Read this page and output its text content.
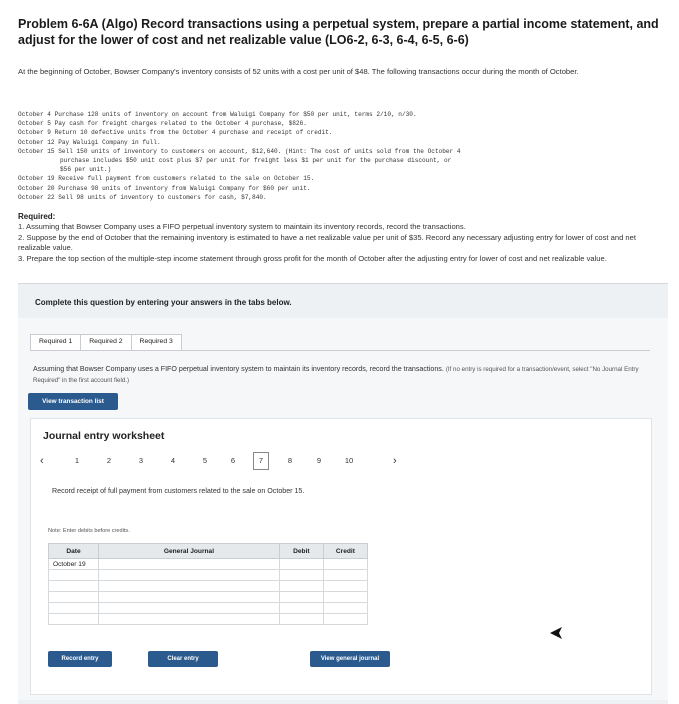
Problem 6-6A (Algo) Record transactions using a perpetual system, prepare a partial income statement, and adjust for the lower of cost and net realizable value (LO6-2, 6-3, 6-4, 6-5, 6-6)
At the beginning of October, Bowser Company's inventory consists of 52 units with a cost per unit of $48. The following transactions occur during the month of October.
October 4 Purchase 128 units of inventory on account from Waluigi Company for $50 per unit, terms 2/10, n/30.
October 5 Pay cash for freight charges related to the October 4 purchase, $826.
October 9 Return 10 defective units from the October 4 purchase and receipt of credit.
October 12 Pay Waluigi Company in full.
October 15 Sell 150 units of inventory to customers on account, $12,640. (Hint: The cost of units sold from the October 4
purchase includes $50 unit cost plus $7 per unit for freight less $1 per unit for the purchase discount, or
$56 per unit.)
October 19 Receive full payment from customers related to the sale on October 15.
October 20 Purchase 98 units of inventory from Waluigi Company for $60 per unit.
October 22 Sell 98 units of inventory to customers for cash, $7,840.
Required:
1. Assuming that Bowser Company uses a FIFO perpetual inventory system to maintain its inventory records, record the transactions.
2. Suppose by the end of October that the remaining inventory is estimated to have a net realizable value per unit of $35. Record any necessary adjusting entry for lower of cost and net realizable value.
3. Prepare the top section of the multiple-step income statement through gross profit for the month of October after the adjusting entry for lower of cost and net realizable value.
Complete this question by entering your answers in the tabs below.
Required 1	Required 2	Required 3
Assuming that Bowser Company uses a FIFO perpetual inventory system to maintain its inventory records, record the transactions. (If no entry is required for a transaction/event, select "No Journal Entry Required" in the first account field.)
View transaction list
Journal entry worksheet
‹	1	2	3	4	5	6	7	8	9	10	›
Record receipt of full payment from customers related to the sale on October 15.
Note: Enter debits before credits.
Date	General Journal	Debit	Credit
October 19			

Record entry	Clear entry	View general journal
